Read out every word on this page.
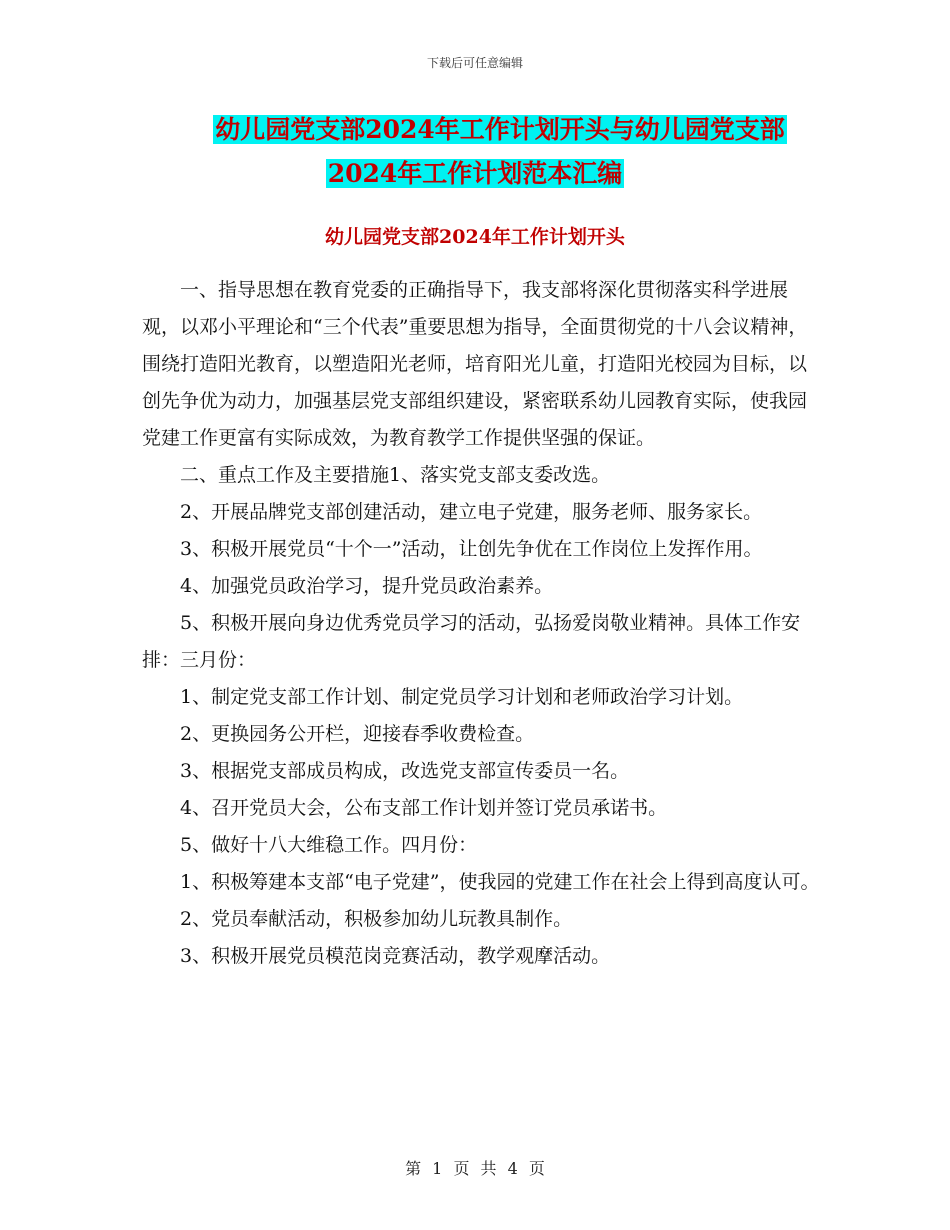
下载后可任意编辑
幼儿园党支部2024年工作计划开头与幼儿园党支部
2024年工作计划范本汇编
幼儿园党支部2024年工作计划开头

一、指导思想在教育党委的正确指导下，我支部将深化贯彻落实科学进展观，以邓小平理论和“三个代表”重要思想为指导，全面贯彻党的十八会议精神，围绕打造阳光教育，以塑造阳光老师，培育阳光儿童，打造阳光校园为目标，以创先争优为动力，加强基层党支部组织建设，紧密联系幼儿园教育实际，使我园党建工作更富有实际成效，为教育教学工作提供坚强的保证。

二、重点工作及主要措施1、落实党支部支委改选。

2、开展品牌党支部创建活动，建立电子党建，服务老师、服务家长。

3、积极开展党员“十个一”活动，让创先争优在工作岗位上发挥作用。

4、加强党员政治学习，提升党员政治素养。

5、积极开展向身边优秀党员学习的活动，弘扬爱岗敬业精神。具体工作安排：三月份：

1、制定党支部工作计划、制定党员学习计划和老师政治学习计划。

2、更换园务公开栏，迎接春季收费检查。

3、根据党支部成员构成，改选党支部宣传委员一名。

4、召开党员大会，公布支部工作计划并签订党员承诺书。

5、做好十八大维稳工作。四月份：

1、积极筹建本支部“电子党建”，使我园的党建工作在社会上得到高度认可。

2、党员奉献活动，积极参加幼儿玩教具制作。

3、积极开展党员模范岗竞赛活动，教学观摩活动。

第 1 页 共 4 页
